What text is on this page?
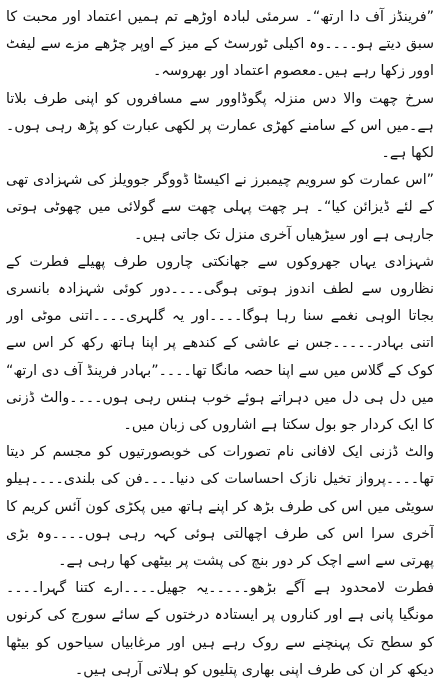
”فرینڈز آف دا ارتھ“۔ سرمئی لبادہ اوڑھے تم ہمیں اعتماد اور محبت کا سبق دیتے ہو۔۔۔۔وہ اکیلی ٹورسٹ کے میز کے اوپر چڑھے مزے سے لیفٹ اوور زکھا رہے ہیں۔معصوم اعتماد اور بھروسہ۔

سرخ چھت والا دس منزلہ پگوڈاوور سے مسافروں کو اپنی طرف بلاتا ہے۔میں اس کے سامنے کھڑی عمارت پر لکھی عبارت کو پڑھ رہی ہوں۔لکھا ہے۔

”اس عمارت کو سرویم چیمبرز نے اکیسٹا ڈووگر جوویلز کی شہزادی تھی کے لئے ڈیزائن کیا“۔ ہر چھت پہلی چھت سے گولائی میں چھوٹی ہوتی جارہی ہے اور سیڑھیاں آخری منزل تک جاتی ہیں۔

شہزادی یہاں جھروکوں سے جھانکتی چاروں طرف پھیلے فطرت کے نظاروں سے لطف اندوز ہوتی ہوگی۔۔۔۔دور کوئی شہزادہ بانسری بجاتا الوہی نغمے سنا رہا ہوگا۔۔۔۔اور یہ گلہری۔۔۔۔اتنی موٹی اور اتنی بہادر۔۔۔۔۔جس نے عاشی کے کندھے پر اپنا ہاتھ رکھ کر اس سے کوک کے گلاس میں سے اپنا حصہ مانگا تھا۔۔۔۔”بہادر فرینڈ آف دی ارتھ“ میں دل ہی دل میں دہراتے ہوئے خوب ہنس رہی ہوں۔۔۔۔والٹ ڈزنی کا ایک کردار جو بول سکتا ہے اشاروں کی زبان میں۔

والٹ ڈزنی ایک لافانی نام تصورات کی خوبصورتیوں کو مجسم کر دیتا تھا۔۔۔۔پرواز تخیل نازک احساسات کی دنیا۔۔۔۔فن کی بلندی۔۔۔۔ہیلو سویٹی میں اس کی طرف بڑھ کر اپنے ہاتھ میں پکڑی کون آئس کریم کا آخری سرا اس کی طرف اچھالتی ہوئی کہہ رہی ہوں۔۔۔۔وہ بڑی پھرتی سے اسے اچک کر دور بنچ کی پشت پر بیٹھی کھا رہی ہے۔

فطرت لامحدود ہے آگے بڑھو۔۔۔۔۔یہ جھیل۔۔۔۔ارے کتنا گہرا۔۔۔۔مونگیا پانی ہے اور کناروں پر ایستادہ درختوں کے سائے سورج کی کرنوں کو سطح تک پہنچنے سے روک رہے ہیں اور مرغابیاں سیاحوں کو بیٹھا دیکھ کر ان کی طرف اپنی بھاری پتلیوں کو ہلاتی آرہی ہیں۔
